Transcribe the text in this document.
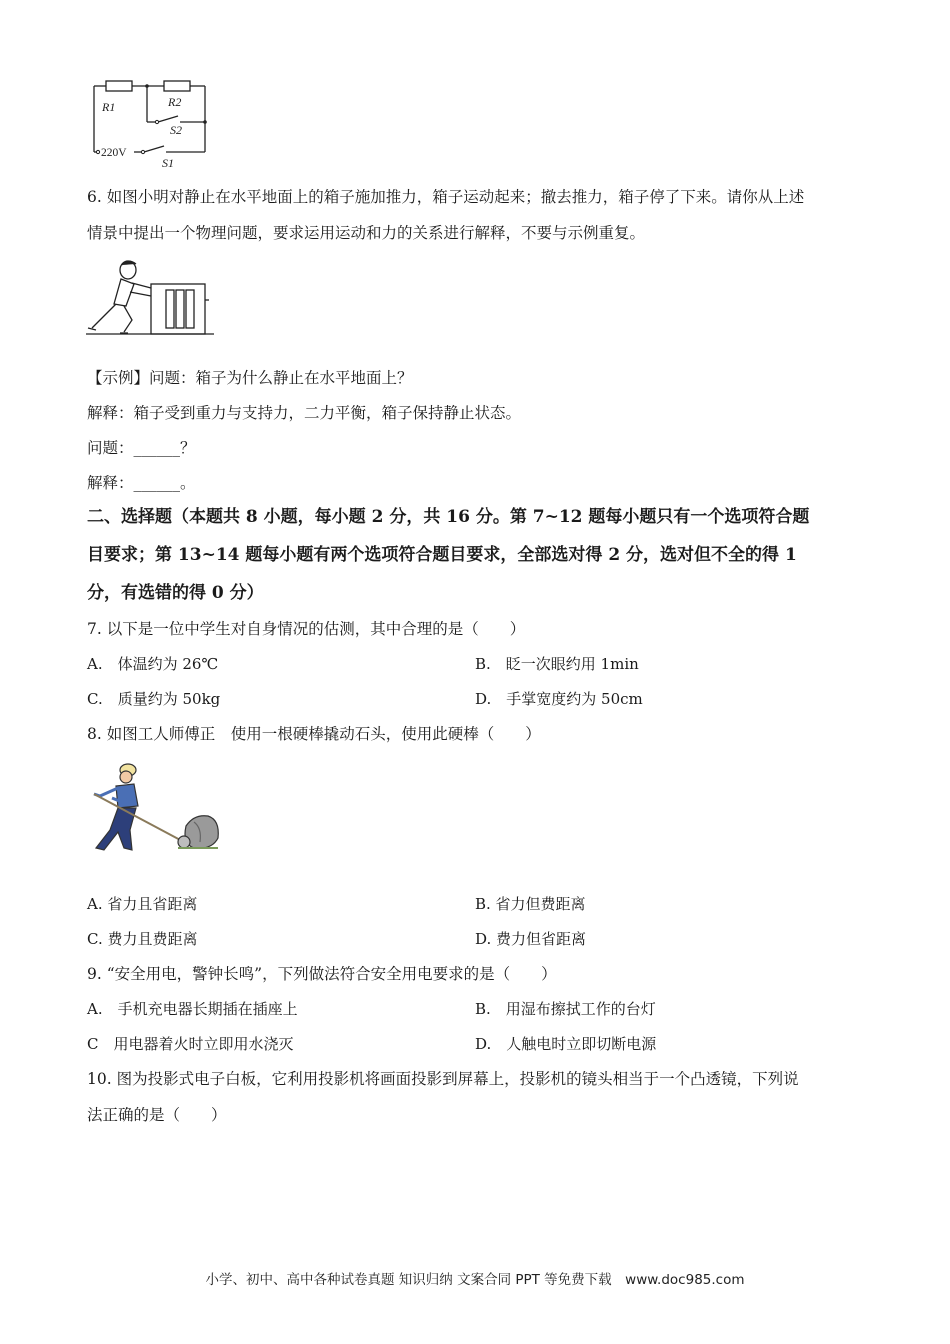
R1	R2
S2
220V
S1
6. 如图小明对静止在水平地面上的箱子施加推力，箱子运动起来；撤去推力，箱子停了下来。请你从上述
情景中提出一个物理问题，要求运用运动和力的关系进行解释，不要与示例重复。
【示例】问题：箱子为什么静止在水平地面上？
解释：箱子受到重力与支持力，二力平衡，箱子保持静止状态。
问题：______？
解释：______。
二、选择题（本题共 8 小题，每小题 2 分，共 16 分。第 7~12 题每小题只有一个选项符合题
目要求；第 13~14 题每小题有两个选项符合题目要求，全部选对得 2 分，选对但不全的得 1
分，有选错的得 0 分）
7. 以下是一位中学生对自身情况的估测，其中合理的是（　　）
A.　体温约为 26℃	B.　眨一次眼约用 1min
C.　质量约为 50kg	D.　手掌宽度约为 50cm
8. 如图工人师傅正　使用一根硬棒撬动石头，使用此硬棒（　　）
A. 省力且省距离	B. 省力但费距离
C. 费力且费距离	D. 费力但省距离
9. “安全用电，警钟长鸣”，下列做法符合安全用电要求的是（　　）
A.　手机充电器长期插在插座上	B.　用湿布擦拭工作的台灯
C　用电器着火时立即用水浇灭	D.　人触电时立即切断电源
10. 图为投影式电子白板，它利用投影机将画面投影到屏幕上，投影机的镜头相当于一个凸透镜，下列说
法正确的是（　　）
小学、初中、高中各种试卷真题 知识归纳 文案合同 PPT 等免费下载　www.doc985.com
